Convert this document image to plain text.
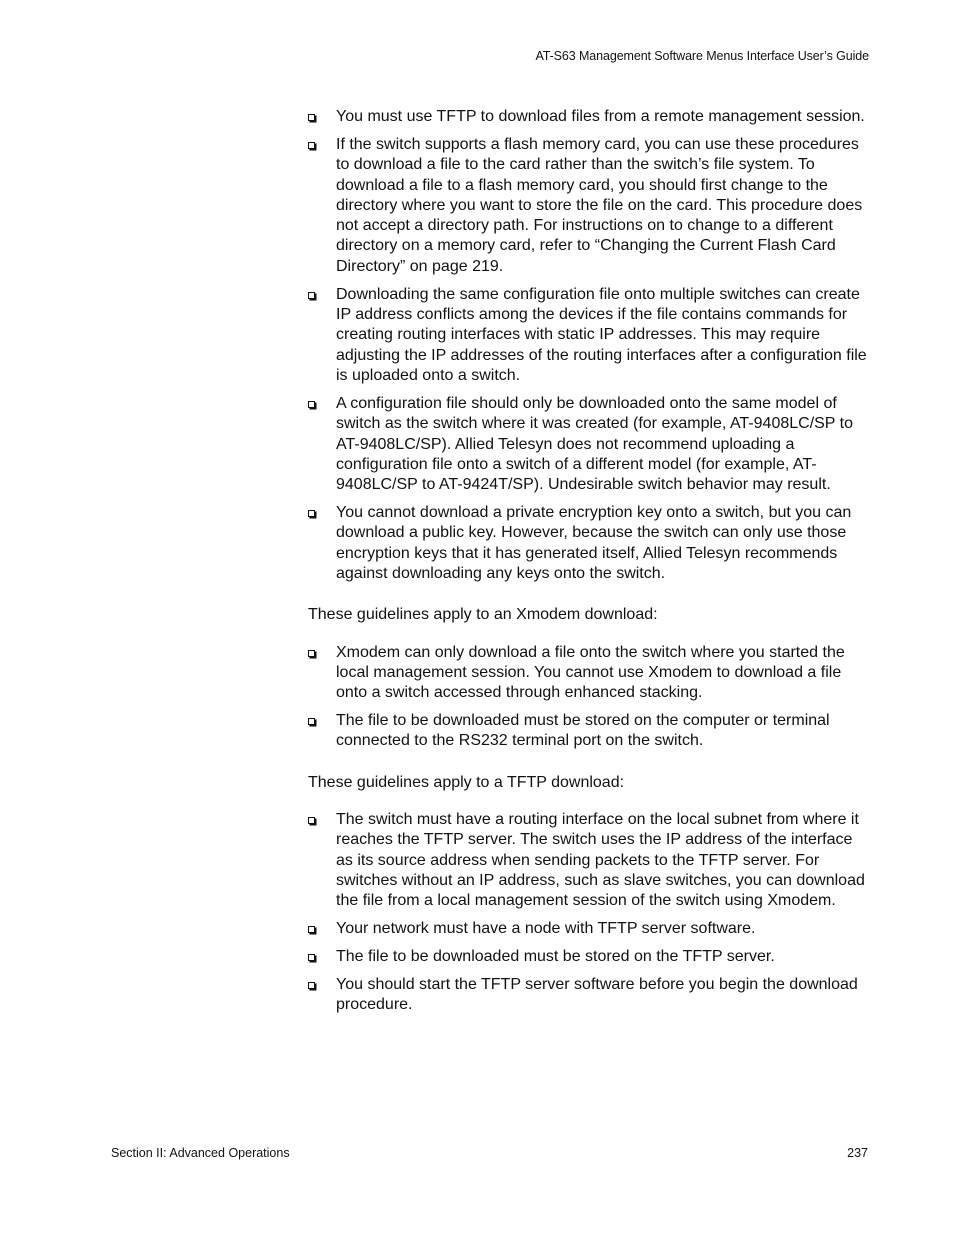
AT-S63 Management Software Menus Interface User’s Guide
You must use TFTP to download files from a remote management session.
If the switch supports a flash memory card, you can use these procedures to download a file to the card rather than the switch’s file system. To download a file to a flash memory card, you should first change to the directory where you want to store the file on the card. This procedure does not accept a directory path. For instructions on to change to a different directory on a memory card, refer to “Changing the Current Flash Card Directory” on page 219.
Downloading the same configuration file onto multiple switches can create IP address conflicts among the devices if the file contains commands for creating routing interfaces with static IP addresses. This may require adjusting the IP addresses of the routing interfaces after a configuration file is uploaded onto a switch.
A configuration file should only be downloaded onto the same model of switch as the switch where it was created (for example, AT-9408LC/SP to AT-9408LC/SP). Allied Telesyn does not recommend uploading a configuration file onto a switch of a different model (for example, AT-9408LC/SP to AT-9424T/SP). Undesirable switch behavior may result.
You cannot download a private encryption key onto a switch, but you can download a public key. However, because the switch can only use those encryption keys that it has generated itself, Allied Telesyn recommends against downloading any keys onto the switch.

These guidelines apply to an Xmodem download:

Xmodem can only download a file onto the switch where you started the local management session. You cannot use Xmodem to download a file onto a switch accessed through enhanced stacking.
The file to be downloaded must be stored on the computer or terminal connected to the RS232 terminal port on the switch.

These guidelines apply to a TFTP download:

The switch must have a routing interface on the local subnet from where it reaches the TFTP server. The switch uses the IP address of the interface as its source address when sending packets to the TFTP server. For switches without an IP address, such as slave switches, you can download the file from a local management session of the switch using Xmodem.
Your network must have a node with TFTP server software.
The file to be downloaded must be stored on the TFTP server.
You should start the TFTP server software before you begin the download procedure.
Section II: Advanced Operations	237
